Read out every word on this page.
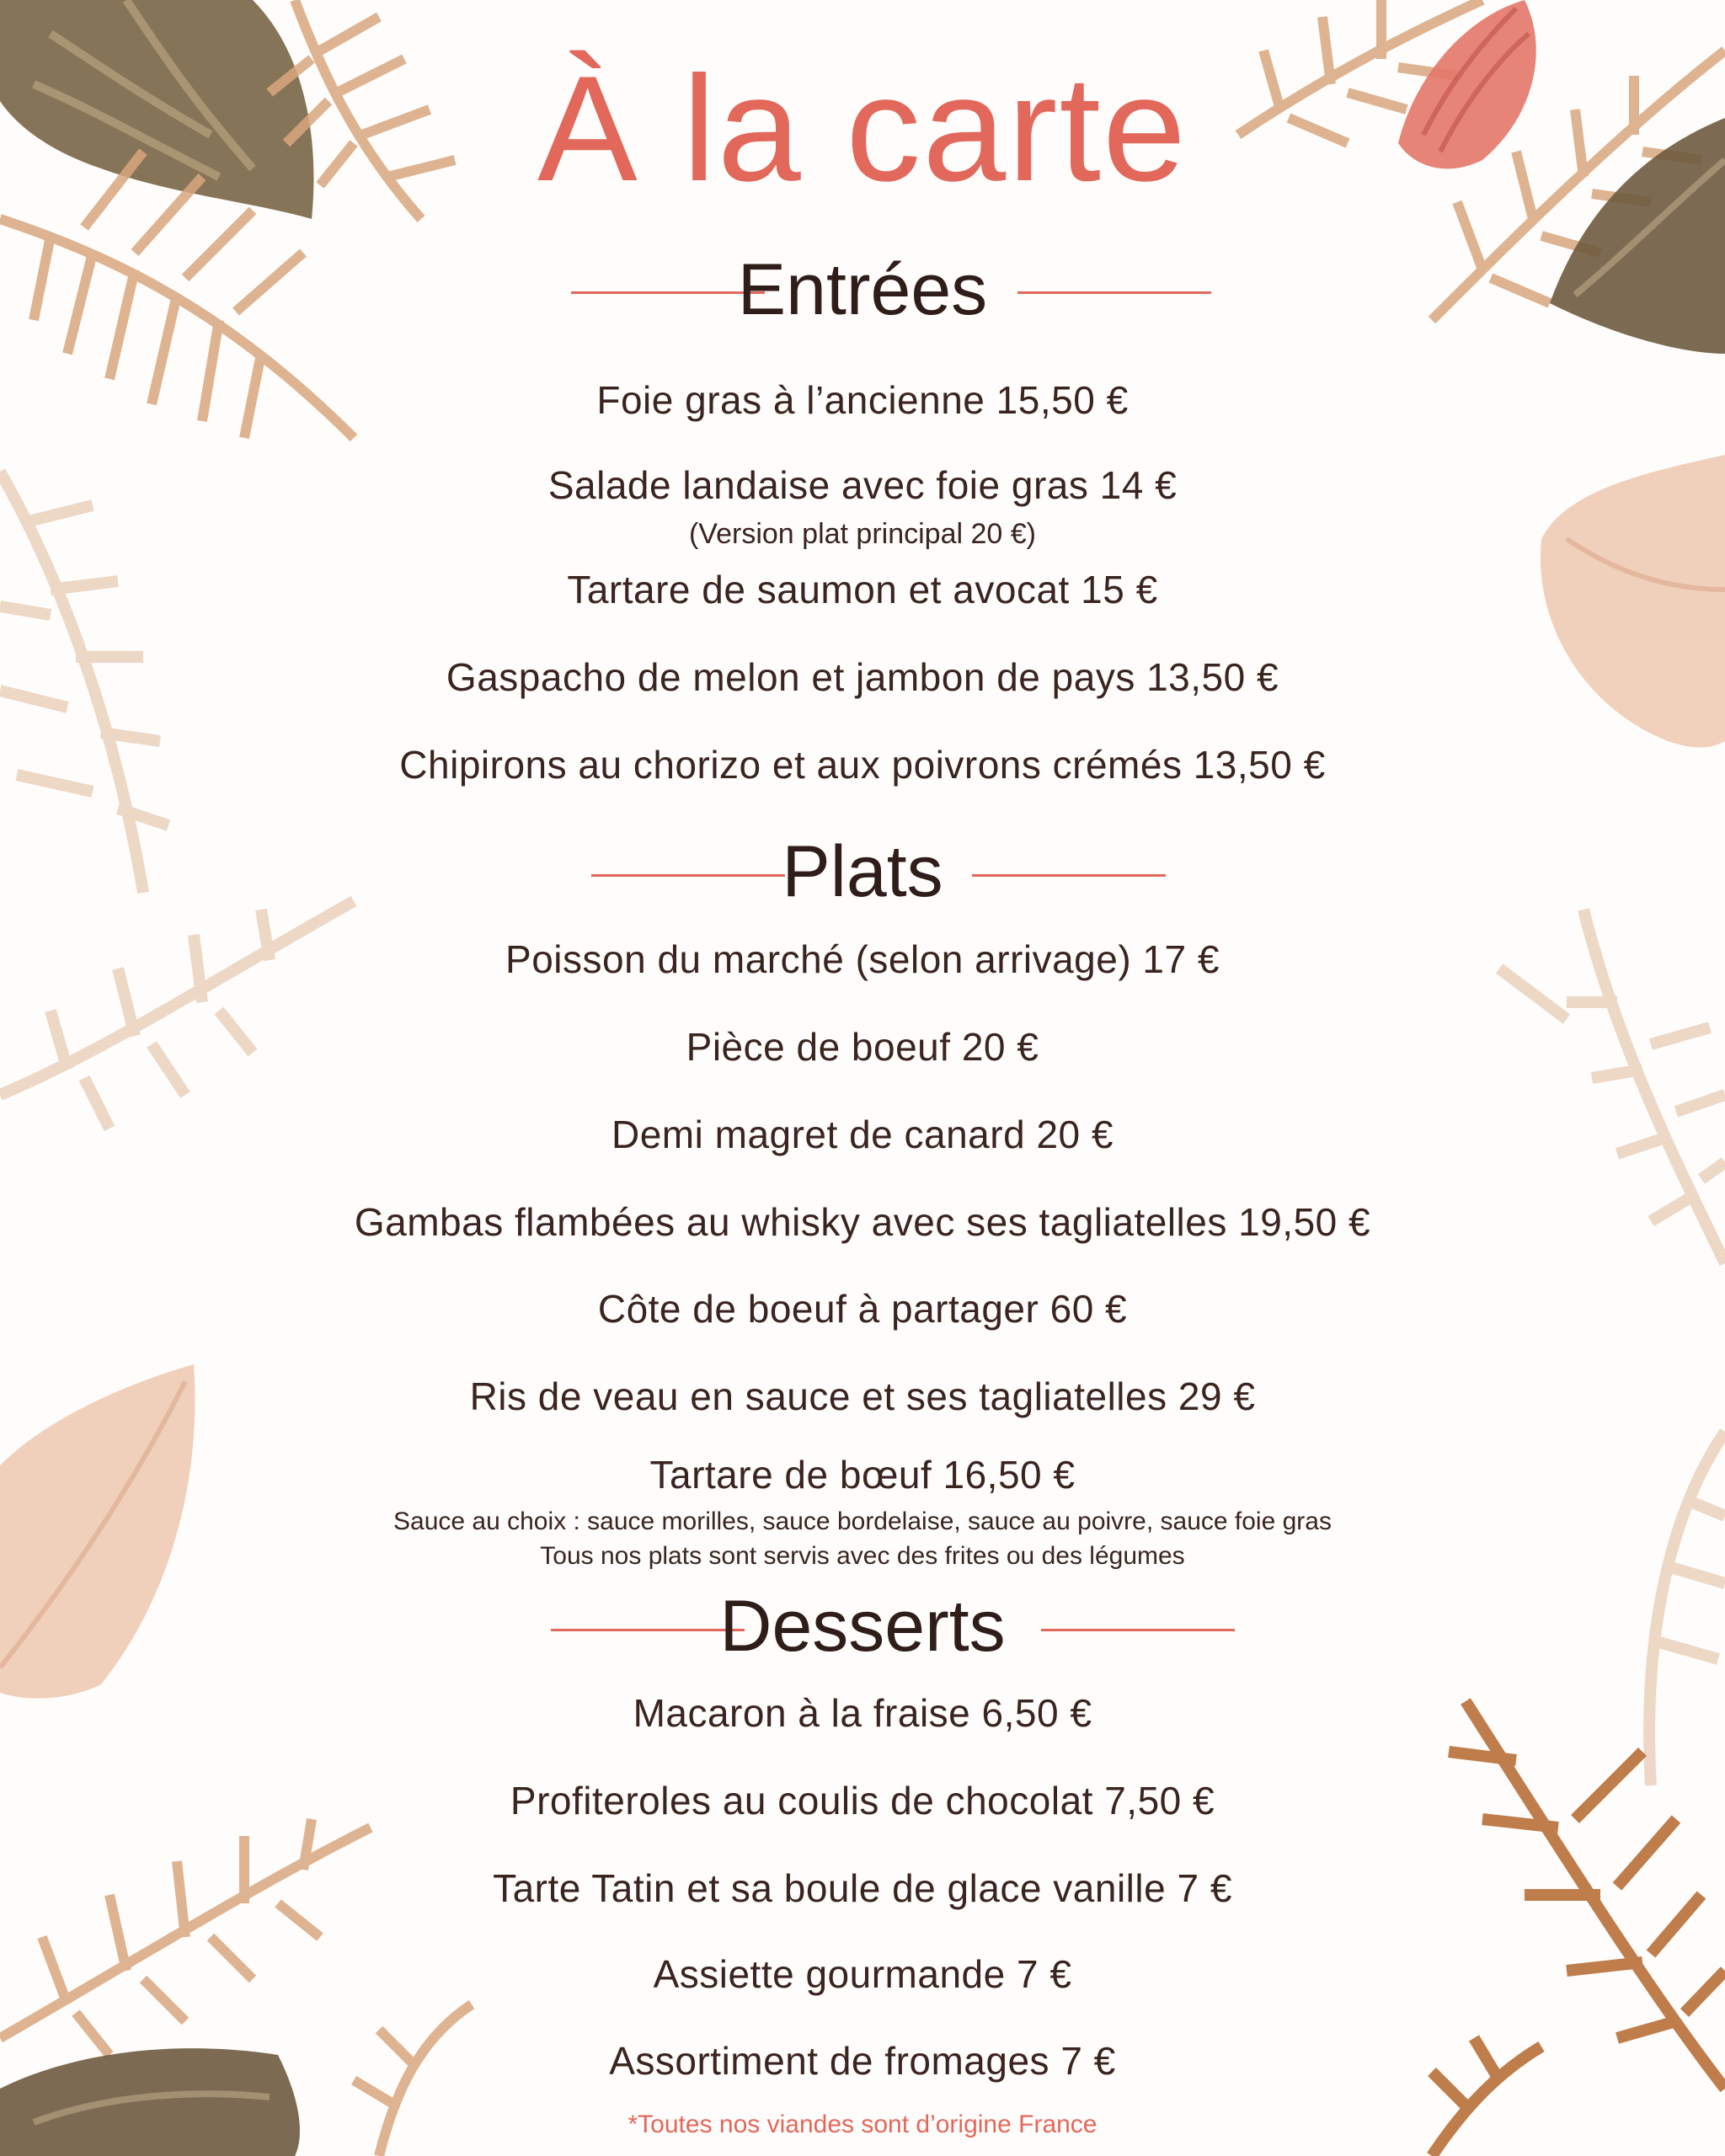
À la carte
Entrées
Foie gras à l’ancienne 15,50 €
Salade landaise avec foie gras 14 €
(Version plat principal 20 €)
Tartare de saumon et avocat 15 €
Gaspacho de melon et jambon de pays 13,50 €
Chipirons au chorizo et aux poivrons crémés 13,50 €
Plats
Poisson du marché (selon arrivage) 17 €
Pièce de boeuf 20 €
Demi magret de canard 20 €
Gambas flambées au whisky avec ses tagliatelles 19,50 €
Côte de boeuf à partager 60 €
Ris de veau en sauce et ses tagliatelles 29 €
Tartare de bœuf 16,50 €
Sauce au choix : sauce morilles, sauce bordelaise, sauce au poivre, sauce foie gras
Tous nos plats sont servis avec des frites ou des légumes
Desserts
Macaron à la fraise 6,50 €
Profiteroles au coulis de chocolat 7,50 €
Tarte Tatin et sa boule de glace vanille 7 €
Assiette gourmande 7 €
Assortiment de fromages 7 €
*Toutes nos viandes sont d’origine France
